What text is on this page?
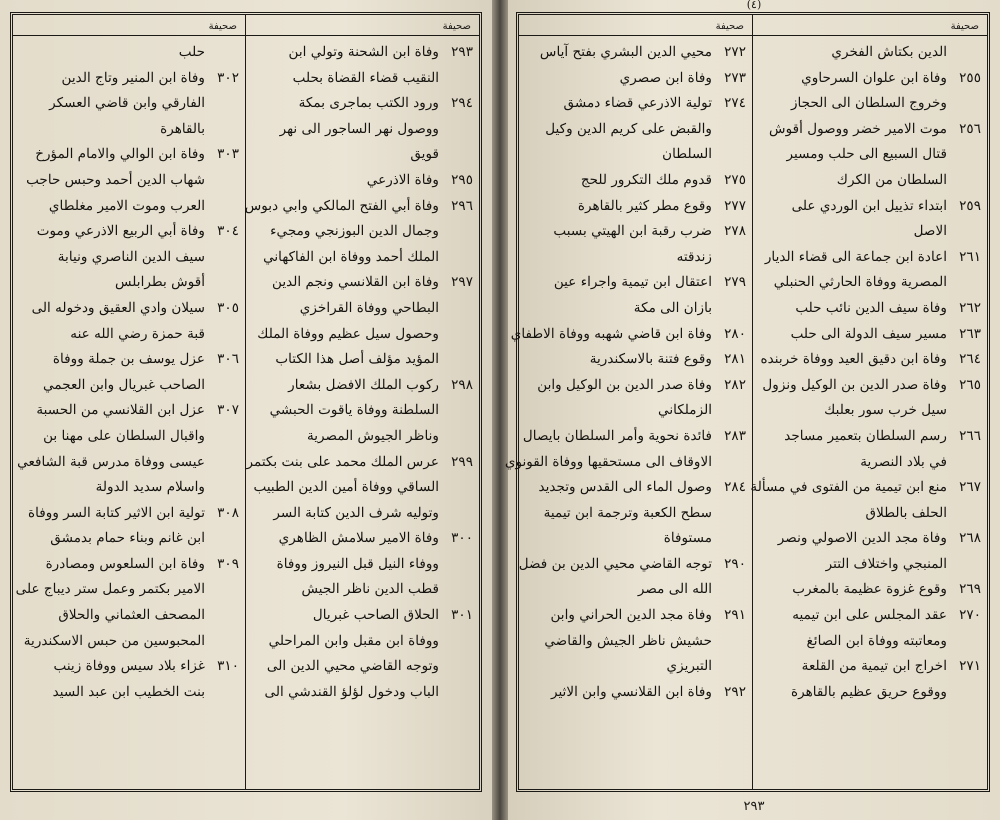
صحيفة
٢٩٣
وفاة ابن الشحنة وتولي ابن
النقيب قضاء القضاة بحلب
٢٩٤
ورود الكتب بماجرى بمكة
ووصول نهر الساجور الى نهر
قويق
٢٩٥
وفاة الاذرعي
٢٩٦
وفاة أبي الفتح المالكي وابي دبوس
وجمال الدين البوزنجي ومجيء
الملك أحمد ووفاة ابن الفاكهاني
٢٩٧
وفاة ابن القلانسي ونجم الدين
البطاحي ووفاة القراخزي
وحصول سيل عظيم ووفاة الملك
المؤيد مؤلف أصل هذا الكتاب
٢٩٨
ركوب الملك الافضل بشعار
السلطنة ووفاة ياقوت الحبشي
وناظر الجيوش المصرية
٢٩٩
عرس الملك محمد على بنت بكتمر
الساقي ووفاة أمين الدين الطبيب
وتوليه شرف الدين كتابة السر
٣٠٠
وفاة الامير سلامش الظاهري
ووفاء النيل قبل النيروز ووفاة
قطب الدين ناظر الجيش
٣٠١
الحلاق الصاحب غبريال
ووفاة ابن مقبل وابن المراحلي
وتوجه القاضي محيي الدين الى
الباب ودخول لؤلؤ القندشي الى
صحيفة
حلب
٣٠٢
وفاة ابن المنير وتاج الدين
الفارقي وابن قاضي العسكر
بالقاهرة
٣٠٣
وفاة ابن الوالي والامام المؤرخ
شهاب الدين أحمد وحبس حاجب
العرب وموت الامير مغلطاي
٣٠٤
وفاة أبي الربيع الاذرعي وموت
سيف الدين الناصري ونيابة
أقوش بطرابلس
٣٠٥
سيلان وادي العقيق ودخوله الى
قبة حمزة رضي الله عنه
٣٠٦
عزل يوسف بن جملة ووفاة
الصاحب غبريال وابن العجمي
٣٠٧
عزل ابن القلانسي من الحسبة
واقبال السلطان على مهنا بن
عيسى ووفاة مدرس قبة الشافعي
واسلام سديد الدولة
٣٠٨
تولية ابن الاثير كتابة السر ووفاة
ابن غانم وبناء حمام بدمشق
٣٠٩
وفاة ابن السلعوس ومصادرة
الامير بكتمر وعمل ستر ديباج على
المصحف العثماني والحلاق
المحبوسين من حبس الاسكندرية
٣١٠
غزاء بلاد سيس ووفاة زينب
بنت الخطيب ابن عبد السيد
(٤)
صحيفة
الدين بكتاش الفخري
٢٥٥
وفاة ابن علوان السرحاوي
وخروج السلطان الى الحجاز
٢٥٦
موت الامير خضر ووصول أقوش
قتال السبيع الى حلب ومسير
السلطان من الكرك
٢٥٩
ابتداء تذييل ابن الوردي على
الاصل
٢٦١
اعادة ابن جماعة الى قضاء الديار
المصرية ووفاة الحارثي الحنبلي
٢٦٢
وفاة سيف الدين نائب حلب
٢٦٣
مسير سيف الدولة الى حلب
٢٦٤
وفاة ابن دقيق العيد ووفاة خربنده
٢٦٥
وفاة صدر الدين بن الوكيل ونزول
سيل خرب سور بعلبك
٢٦٦
رسم السلطان بتعمير مساجد
في بلاد النصرية
٢٦٧
منع ابن تيمية من الفتوى في مسألة
الحلف بالطلاق
٢٦٨
وفاة مجد الدين الاصولي ونصر
المنبجي واختلاف التتر
٢٦٩
وقوع غزوة عظيمة بالمغرب
٢٧٠
عقد المجلس على ابن تيميه
ومعاتبته ووفاة ابن الصائغ
٢٧١
اخراج ابن تيمية من القلعة
ووقوع حريق عظيم بالقاهرة
صحيفة
٢٧٢
محيي الدين البشري بفتح آياس
٢٧٣
وفاة ابن صصري
٢٧٤
تولية الاذرعي قضاء دمشق
والقبض على كريم الدين وكيل
السلطان
٢٧٥
قدوم ملك التكرور للحج
٢٧٧
وقوع مطر كثير بالقاهرة
٢٧٨
ضرب رقبة ابن الهيتي بسبب
زندقته
٢٧٩
اعتقال ابن تيمية واجراء عين
بازان الى مكة
٢٨٠
وفاة ابن قاضي شهبه ووفاة الاطفاي
٢٨١
وقوع فتنة بالاسكندرية
٢٨٢
وفاة صدر الدين بن الوكيل وابن
الزملكاني
٢٨٣
فائدة نحوية وأمر السلطان بايصال
الاوقاف الى مستحقيها ووفاة القونوي
٢٨٤
وصول الماء الى القدس وتجديد
سطح الكعبة وترجمة ابن تيمية
مستوفاة
٢٩٠
توجه القاضي محيي الدين بن فضل
الله الى مصر
٢٩١
وفاة مجد الدين الحراني وابن
حشيش ناظر الجيش والقاضي
التبريزي
٢٩٢
وفاة ابن القلانسي وابن الاثير
٢٩٣
